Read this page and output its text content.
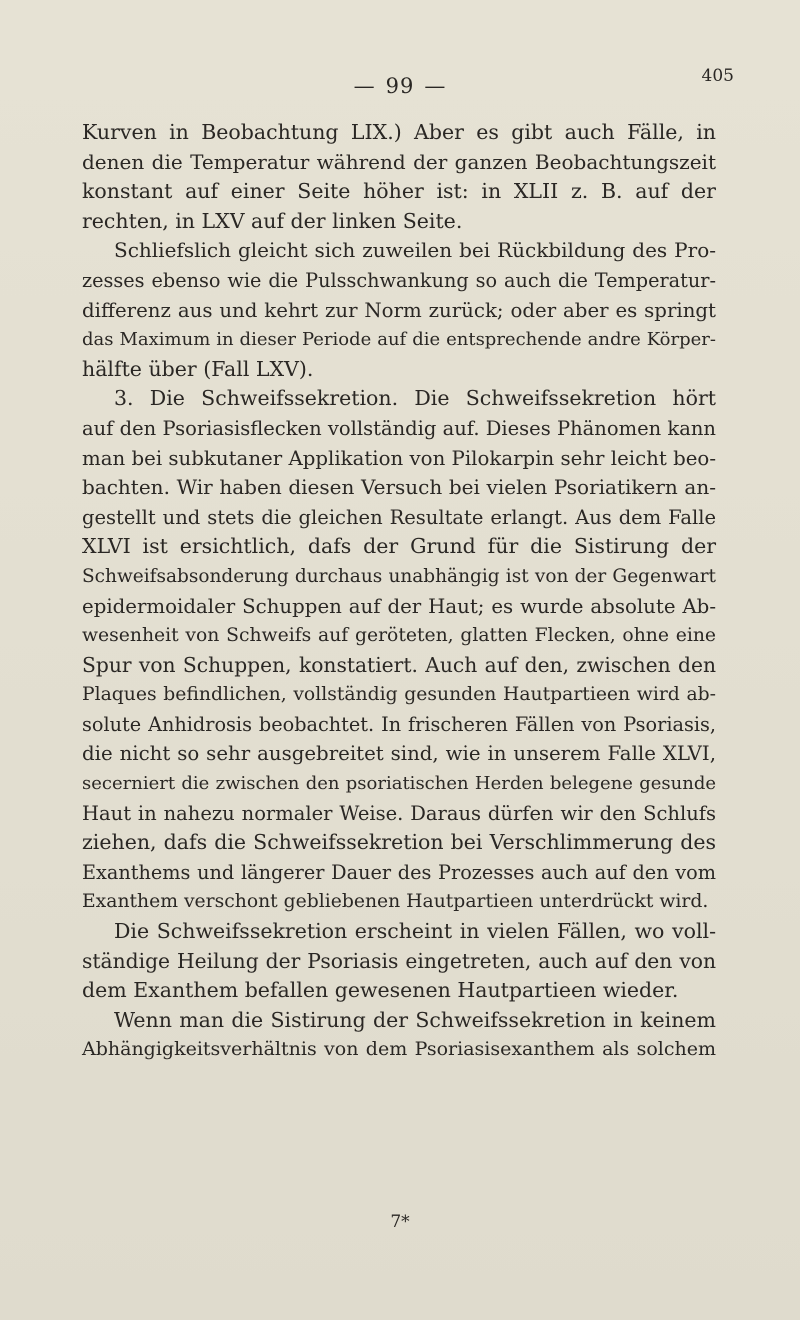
— 99 —	405
Kurven in Beobachtung LIX.) Aber es gibt auch Fälle, in
denen die Temperatur während der ganzen Beobachtungszeit
konstant auf einer Seite höher ist: in XLII z. B. auf der
rechten, in LXV auf der linken Seite.
Schliefslich gleicht sich zuweilen bei Rückbildung des Pro-
zesses ebenso wie die Pulsschwankung so auch die Temperatur-
differenz aus und kehrt zur Norm zurück; oder aber es springt
das Maximum in dieser Periode auf die entsprechende andre Körper-
hälfte über (Fall LXV).
3. Die Schweifssekretion. Die Schweifssekretion hört
auf den Psoriasisflecken vollständig auf. Dieses Phänomen kann
man bei subkutaner Applikation von Pilokarpin sehr leicht beo-
bachten. Wir haben diesen Versuch bei vielen Psoriatikern an-
gestellt und stets die gleichen Resultate erlangt. Aus dem Falle
XLVI ist ersichtlich, dafs der Grund für die Sistirung der
Schweifsabsonderung durchaus unabhängig ist von der Gegenwart
epidermoidaler Schuppen auf der Haut; es wurde absolute Ab-
wesenheit von Schweifs auf geröteten, glatten Flecken, ohne eine
Spur von Schuppen, konstatiert. Auch auf den, zwischen den
Plaques befindlichen, vollständig gesunden Hautpartieen wird ab-
solute Anhidrosis beobachtet. In frischeren Fällen von Psoriasis,
die nicht so sehr ausgebreitet sind, wie in unserem Falle XLVI,
secerniert die zwischen den psoriatischen Herden belegene gesunde
Haut in nahezu normaler Weise. Daraus dürfen wir den Schlufs
ziehen, dafs die Schweifssekretion bei Verschlimmerung des
Exanthems und längerer Dauer des Prozesses auch auf den vom
Exanthem verschont gebliebenen Hautpartieen unterdrückt wird.
Die Schweifssekretion erscheint in vielen Fällen, wo voll-
ständige Heilung der Psoriasis eingetreten, auch auf den von
dem Exanthem befallen gewesenen Hautpartieen wieder.
Wenn man die Sistirung der Schweifssekretion in keinem
Abhängigkeitsverhältnis von dem Psoriasisexanthem als solchem
7*
